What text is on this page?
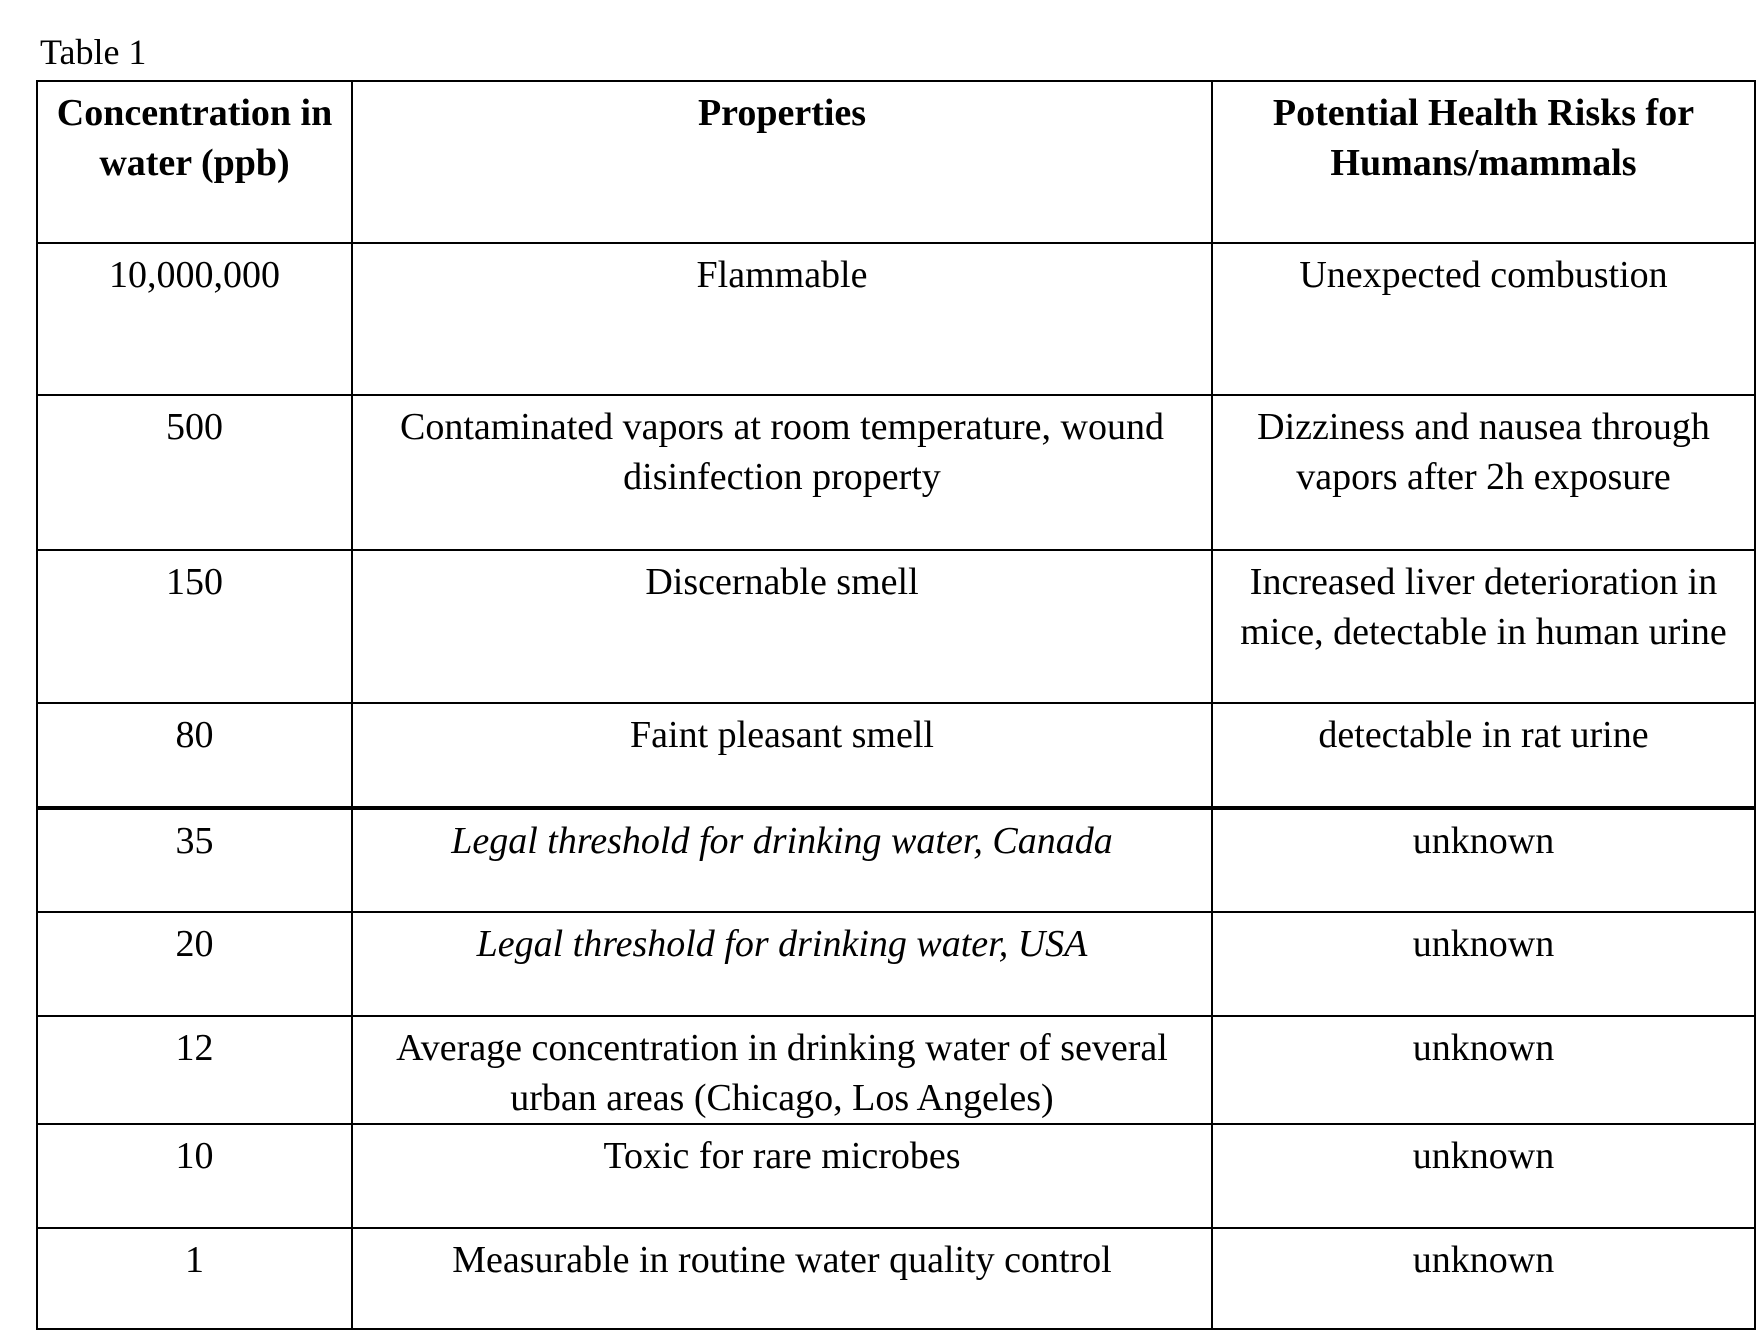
Table 1

Concentration in water (ppb)	Properties	Potential Health Risks for Humans/mammals
10,000,000	Flammable	Unexpected combustion
500	Contaminated vapors at room temperature, wound disinfection property	Dizziness and nausea through vapors after 2h exposure
150	Discernable smell	Increased liver deterioration in mice, detectable in human urine
80	Faint pleasant smell	detectable in rat urine
35	Legal threshold for drinking water, Canada	unknown
20	Legal threshold for drinking water, USA	unknown
12	Average concentration in drinking water of several urban areas (Chicago, Los Angeles)	unknown
10	Toxic for rare microbes	unknown
1	Measurable in routine water quality control	unknown
